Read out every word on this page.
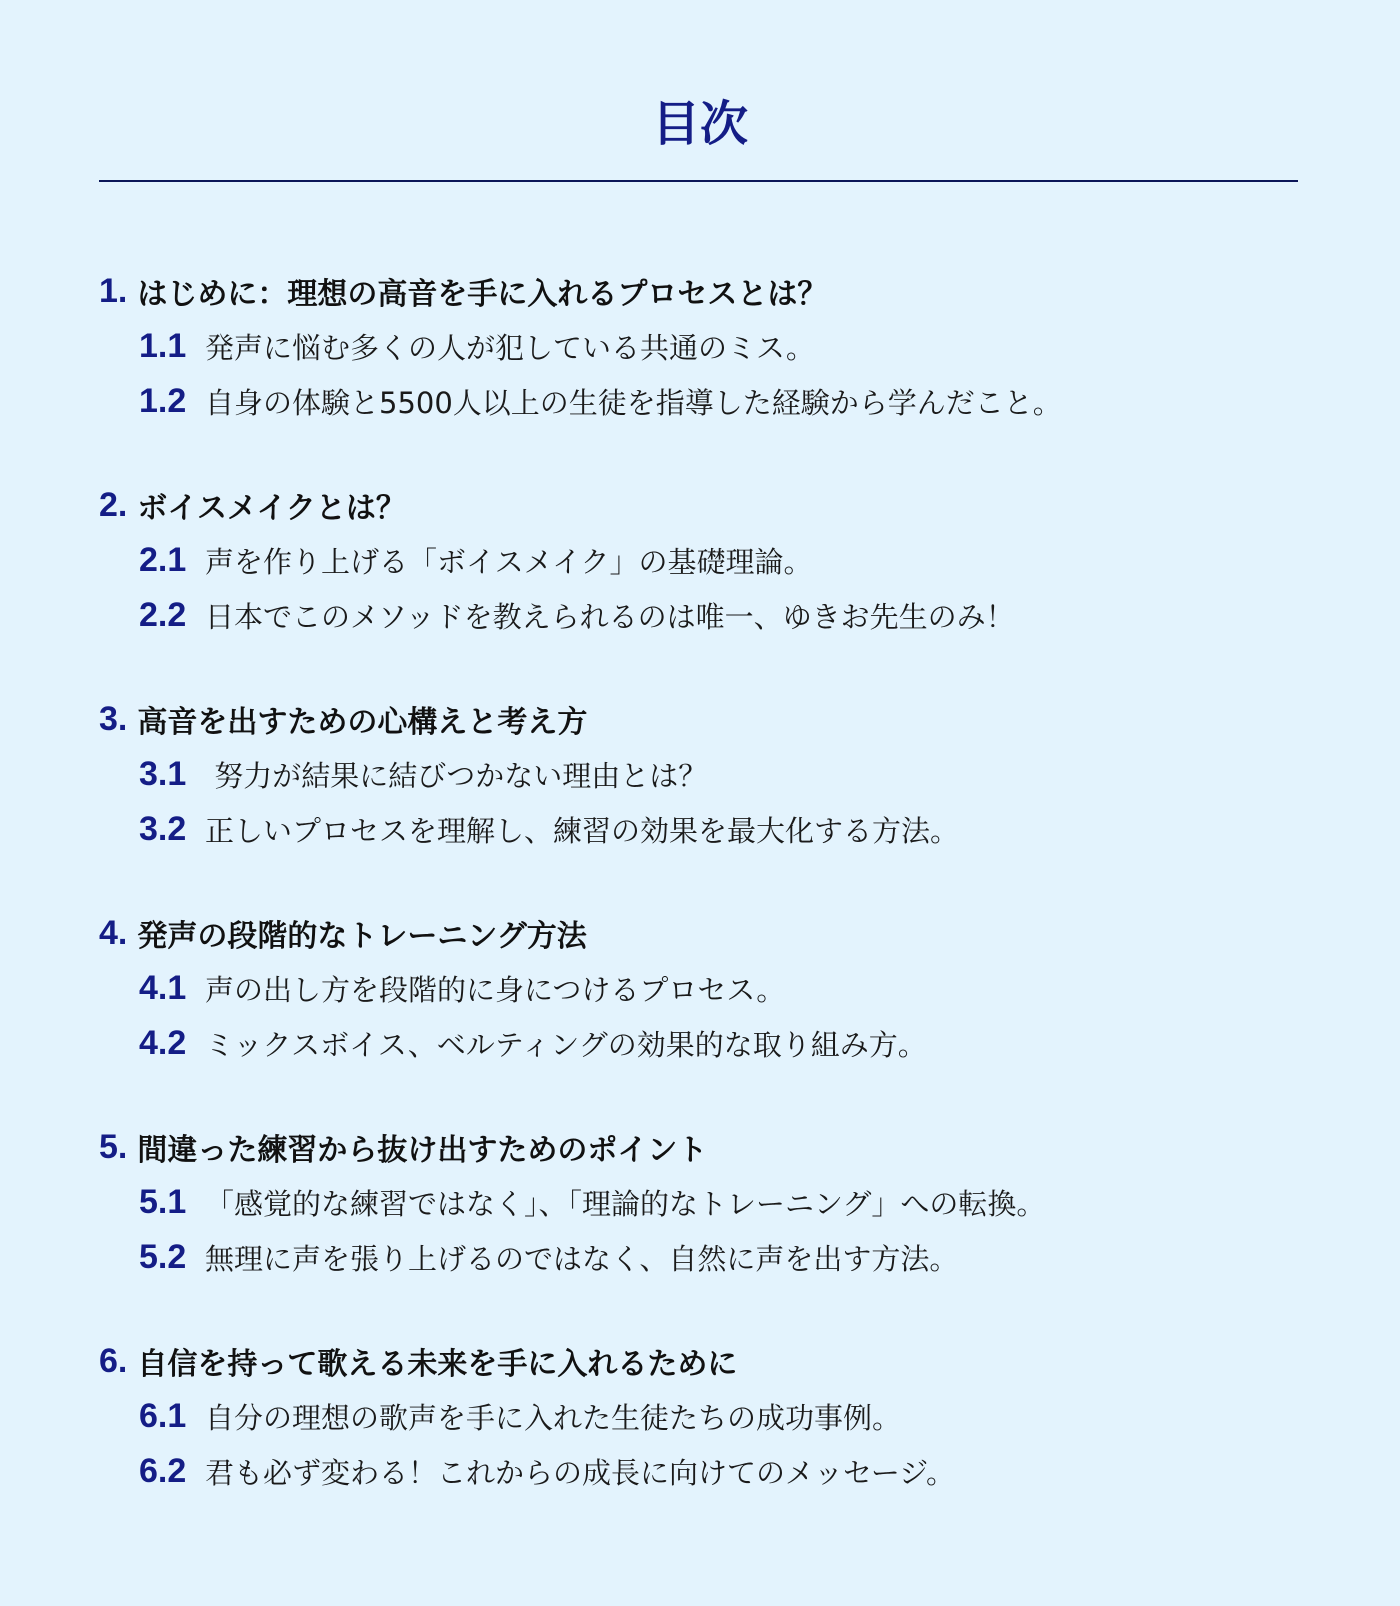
目次
1. はじめに：理想の高音を手に入れるプロセスとは？
1.1 発声に悩む多くの人が犯している共通のミス。
1.2 自身の体験と5500人以上の生徒を指導した経験から学んだこと。
2. ボイスメイクとは？
2.1 声を作り上げる「ボイスメイク」の基礎理論。
2.2 日本でこのメソッドを教えられるのは唯一、ゆきお先生のみ！
3. 高音を出すための心構えと考え方
3.1 努力が結果に結びつかない理由とは？
3.2 正しいプロセスを理解し、練習の効果を最大化する方法。
4. 発声の段階的なトレーニング方法
4.1 声の出し方を段階的に身につけるプロセス。
4.2 ミックスボイス、ベルティングの効果的な取り組み方。
5. 間違った練習から抜け出すためのポイント
5.1 「感覚的な練習ではなく」、「理論的なトレーニング」への転換。
5.2 無理に声を張り上げるのではなく、自然に声を出す方法。
6. 自信を持って歌える未来を手に入れるために
6.1 自分の理想の歌声を手に入れた生徒たちの成功事例。
6.2 君も必ず変わる！これからの成長に向けてのメッセージ。
